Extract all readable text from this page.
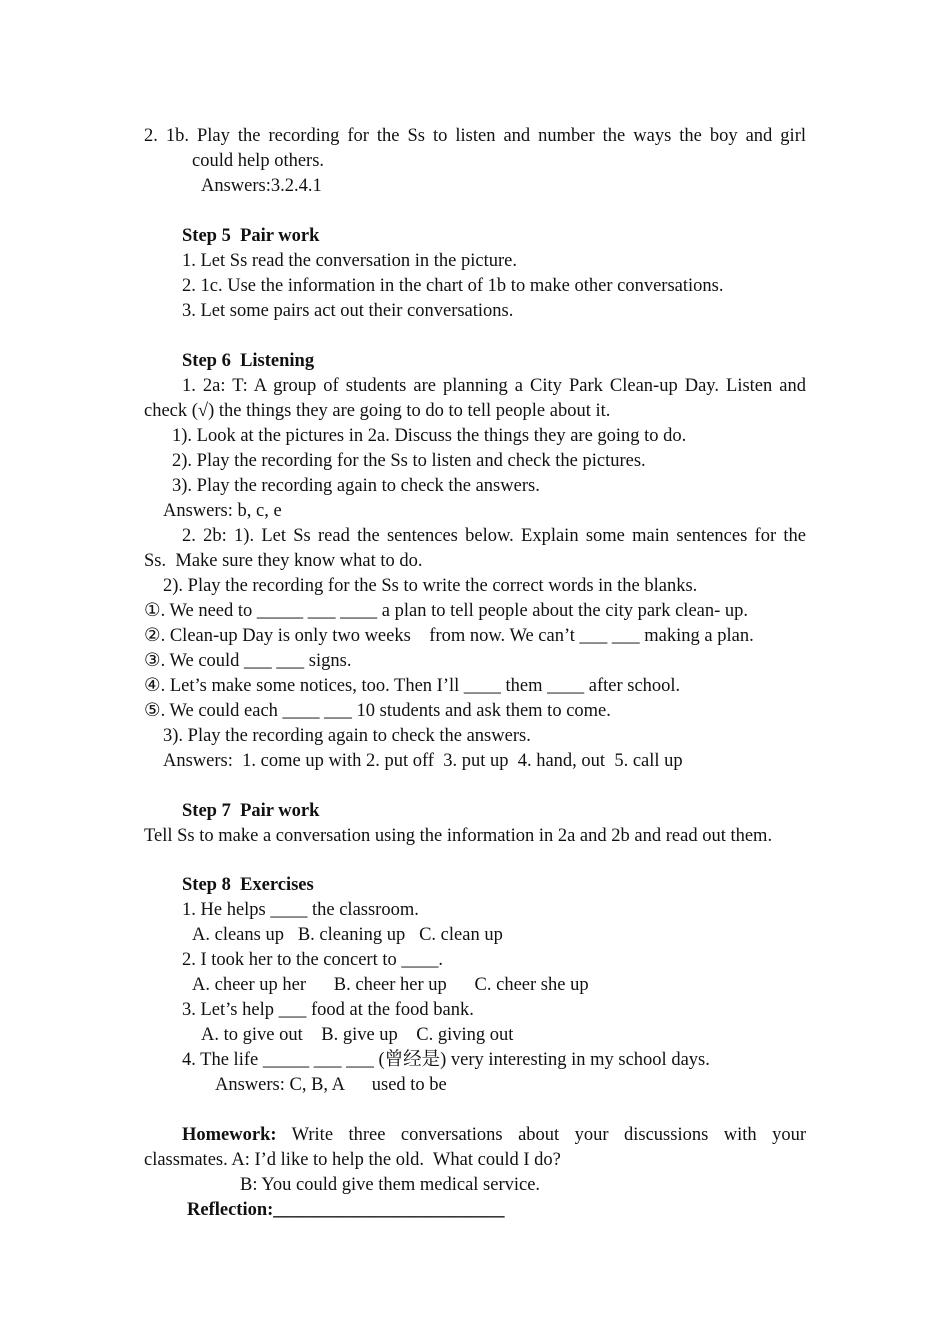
2. 1b. Play the recording for the Ss to listen and number the ways the boy and girl
could help others.
Answers:3.2.4.1
Step 5  Pair work
1. Let Ss read the conversation in the picture.
2. 1c. Use the information in the chart of 1b to make other conversations.
3. Let some pairs act out their conversations.
Step 6  Listening
1. 2a: T: A group of students are planning a City Park Clean-up Day. Listen and
check (√) the things they are going to do to tell people about it.
1). Look at the pictures in 2a. Discuss the things they are going to do.
2). Play the recording for the Ss to listen and check the pictures.
3). Play the recording again to check the answers.
Answers: b, c, e
2. 2b: 1). Let Ss read the sentences below. Explain some main sentences for the
Ss.  Make sure they know what to do.
2). Play the recording for the Ss to write the correct words in the blanks.
①. We need to _____ ___ ____ a plan to tell people about the city park clean- up.
②. Clean-up Day is only two weeks    from now. We can’t ___ ___ making a plan.
③. We could ___ ___ signs.
④. Let’s make some notices, too. Then I’ll ____ them ____ after school.
⑤. We could each ____ ___ 10 students and ask them to come.
3). Play the recording again to check the answers.
Answers:  1. come up with 2. put off  3. put up  4. hand, out  5. call up
Step 7  Pair work
Tell Ss to make a conversation using the information in 2a and 2b and read out them.
Step 8  Exercises
1. He helps ____ the classroom.
A. cleans up   B. cleaning up   C. clean up
2. I took her to the concert to ____.
A. cheer up her      B. cheer her up      C. cheer she up
3. Let’s help ___ food at the food bank.
A. to give out    B. give up    C. giving out
4. The life _____ ___ ___ (曾经是) very interesting in my school days.
Answers: C, B, A      used to be
Homework: Write three conversations about your discussions with your
classmates. A: I’d like to help the old.  What could I do?
B: You could give them medical service.
Reflection:_________________________
